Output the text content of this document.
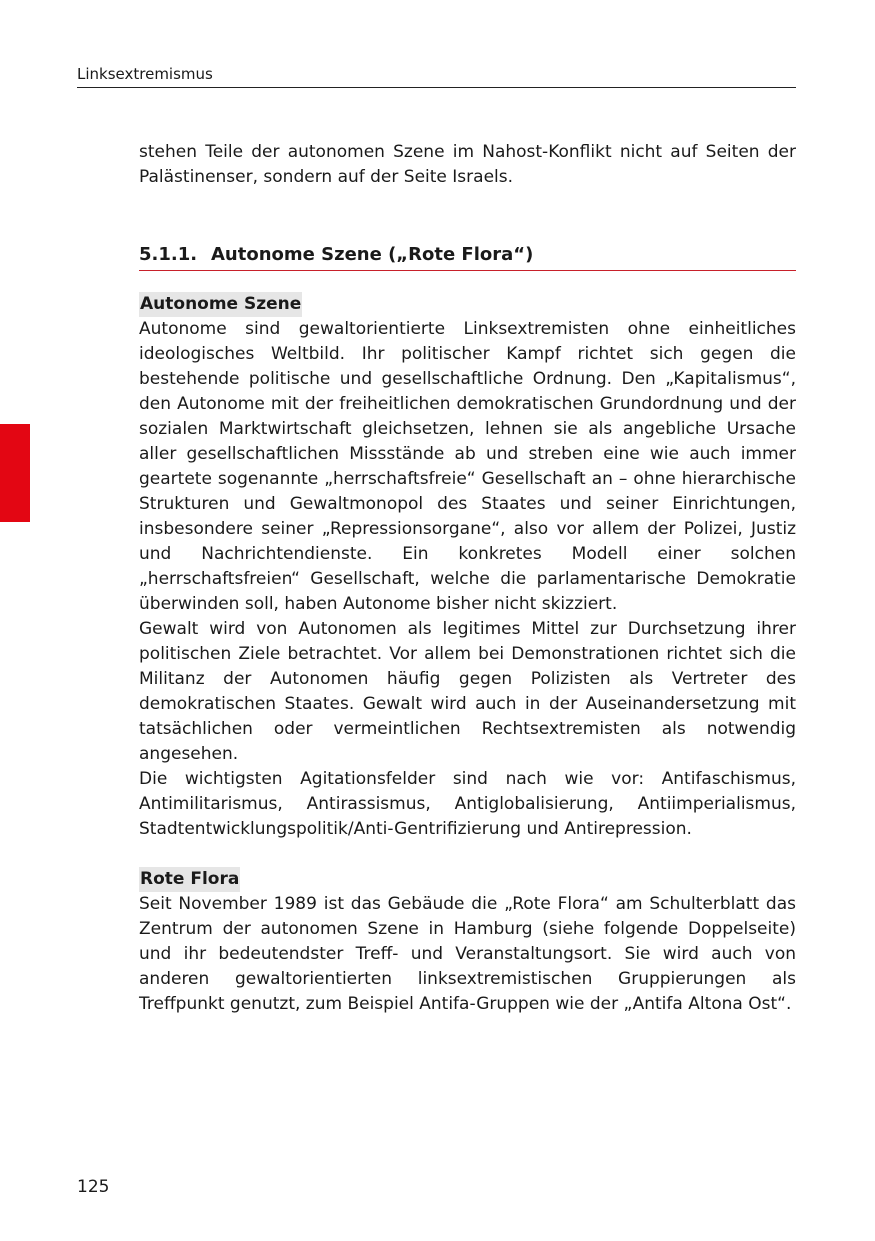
Linksextremismus

stehen Teile der autonomen Szene im Nahost-Konflikt nicht auf Seiten der Palästinenser, sondern auf der Seite Israels.

5.1.1. Autonome Szene („Rote Flora“)
Autonome Szene

Autonome sind gewaltorientierte Linksextremisten ohne einheitliches ideologisches Weltbild. Ihr politischer Kampf richtet sich gegen die bestehende politische und gesellschaftliche Ordnung. Den „Kapitalismus“, den Autonome mit der freiheitlichen demokratischen Grundordnung und der sozialen Marktwirtschaft gleichsetzen, lehnen sie als angebliche Ursache aller gesellschaftlichen Missstände ab und streben eine wie auch immer geartete sogenannte „herrschaftsfreie“ Gesellschaft an – ohne hierarchische Strukturen und Gewaltmonopol des Staates und seiner Einrichtungen, insbesondere seiner „Repressionsorgane“, also vor allem der Polizei, Justiz und Nachrichtendienste. Ein konkretes Modell einer solchen „herrschaftsfreien“ Gesellschaft, welche die parlamentarische Demokratie überwinden soll, haben Autonome bisher nicht skizziert.

Gewalt wird von Autonomen als legitimes Mittel zur Durchsetzung ihrer politischen Ziele betrachtet. Vor allem bei Demonstrationen richtet sich die Militanz der Autonomen häufig gegen Polizisten als Vertreter des demokratischen Staates. Gewalt wird auch in der Auseinandersetzung mit tatsächlichen oder vermeintlichen Rechtsextremisten als notwendig angesehen.

Die wichtigsten Agitationsfelder sind nach wie vor: Antifaschismus, Antimilitarismus, Antirassismus, Antiglobalisierung, Antiimperialismus, Stadtentwicklungspolitik/Anti-Gentrifizierung und Antirepression.

Rote Flora

Seit November 1989 ist das Gebäude die „Rote Flora“ am Schulterblatt das Zentrum der autonomen Szene in Hamburg (siehe folgende Doppelseite) und ihr bedeutendster Treff- und Veranstaltungsort. Sie wird auch von anderen gewaltorientierten linksextremistischen Gruppierungen als Treffpunkt genutzt, zum Beispiel Antifa-Gruppen wie der „Antifa Altona Ost“.

125
